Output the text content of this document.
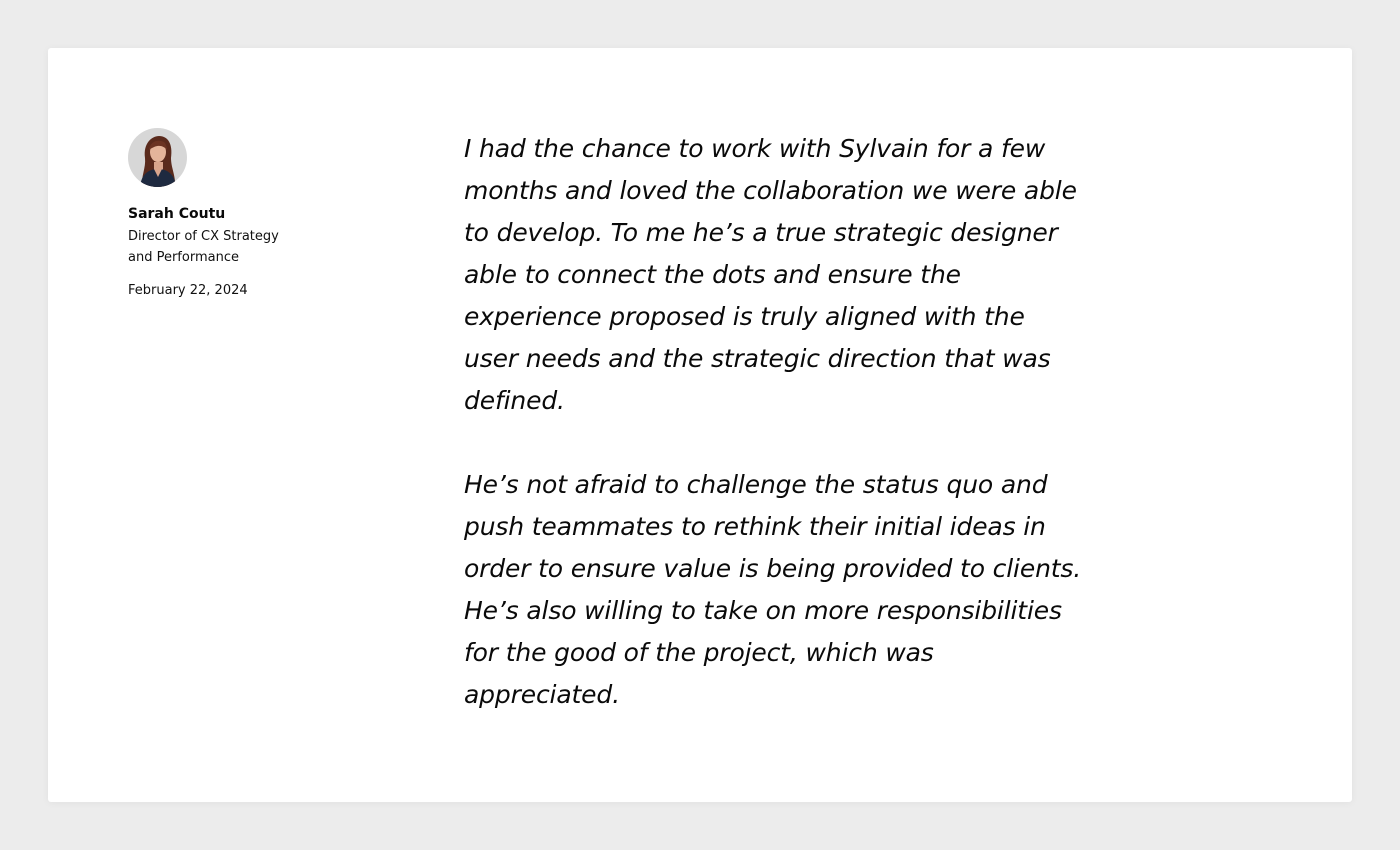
Sarah Coutu
Director of CX Strategy and Performance
February 22, 2024

I had the chance to work with Sylvain for a few months and loved the collaboration we were able to develop. To me he’s a true strategic designer able to connect the dots and ensure the experience proposed is truly aligned with the user needs and the strategic direction that was defined.

He’s not afraid to challenge the status quo and push teammates to rethink their initial ideas in order to ensure value is being provided to clients. He’s also willing to take on more responsibilities for the good of the project, which was appreciated.
